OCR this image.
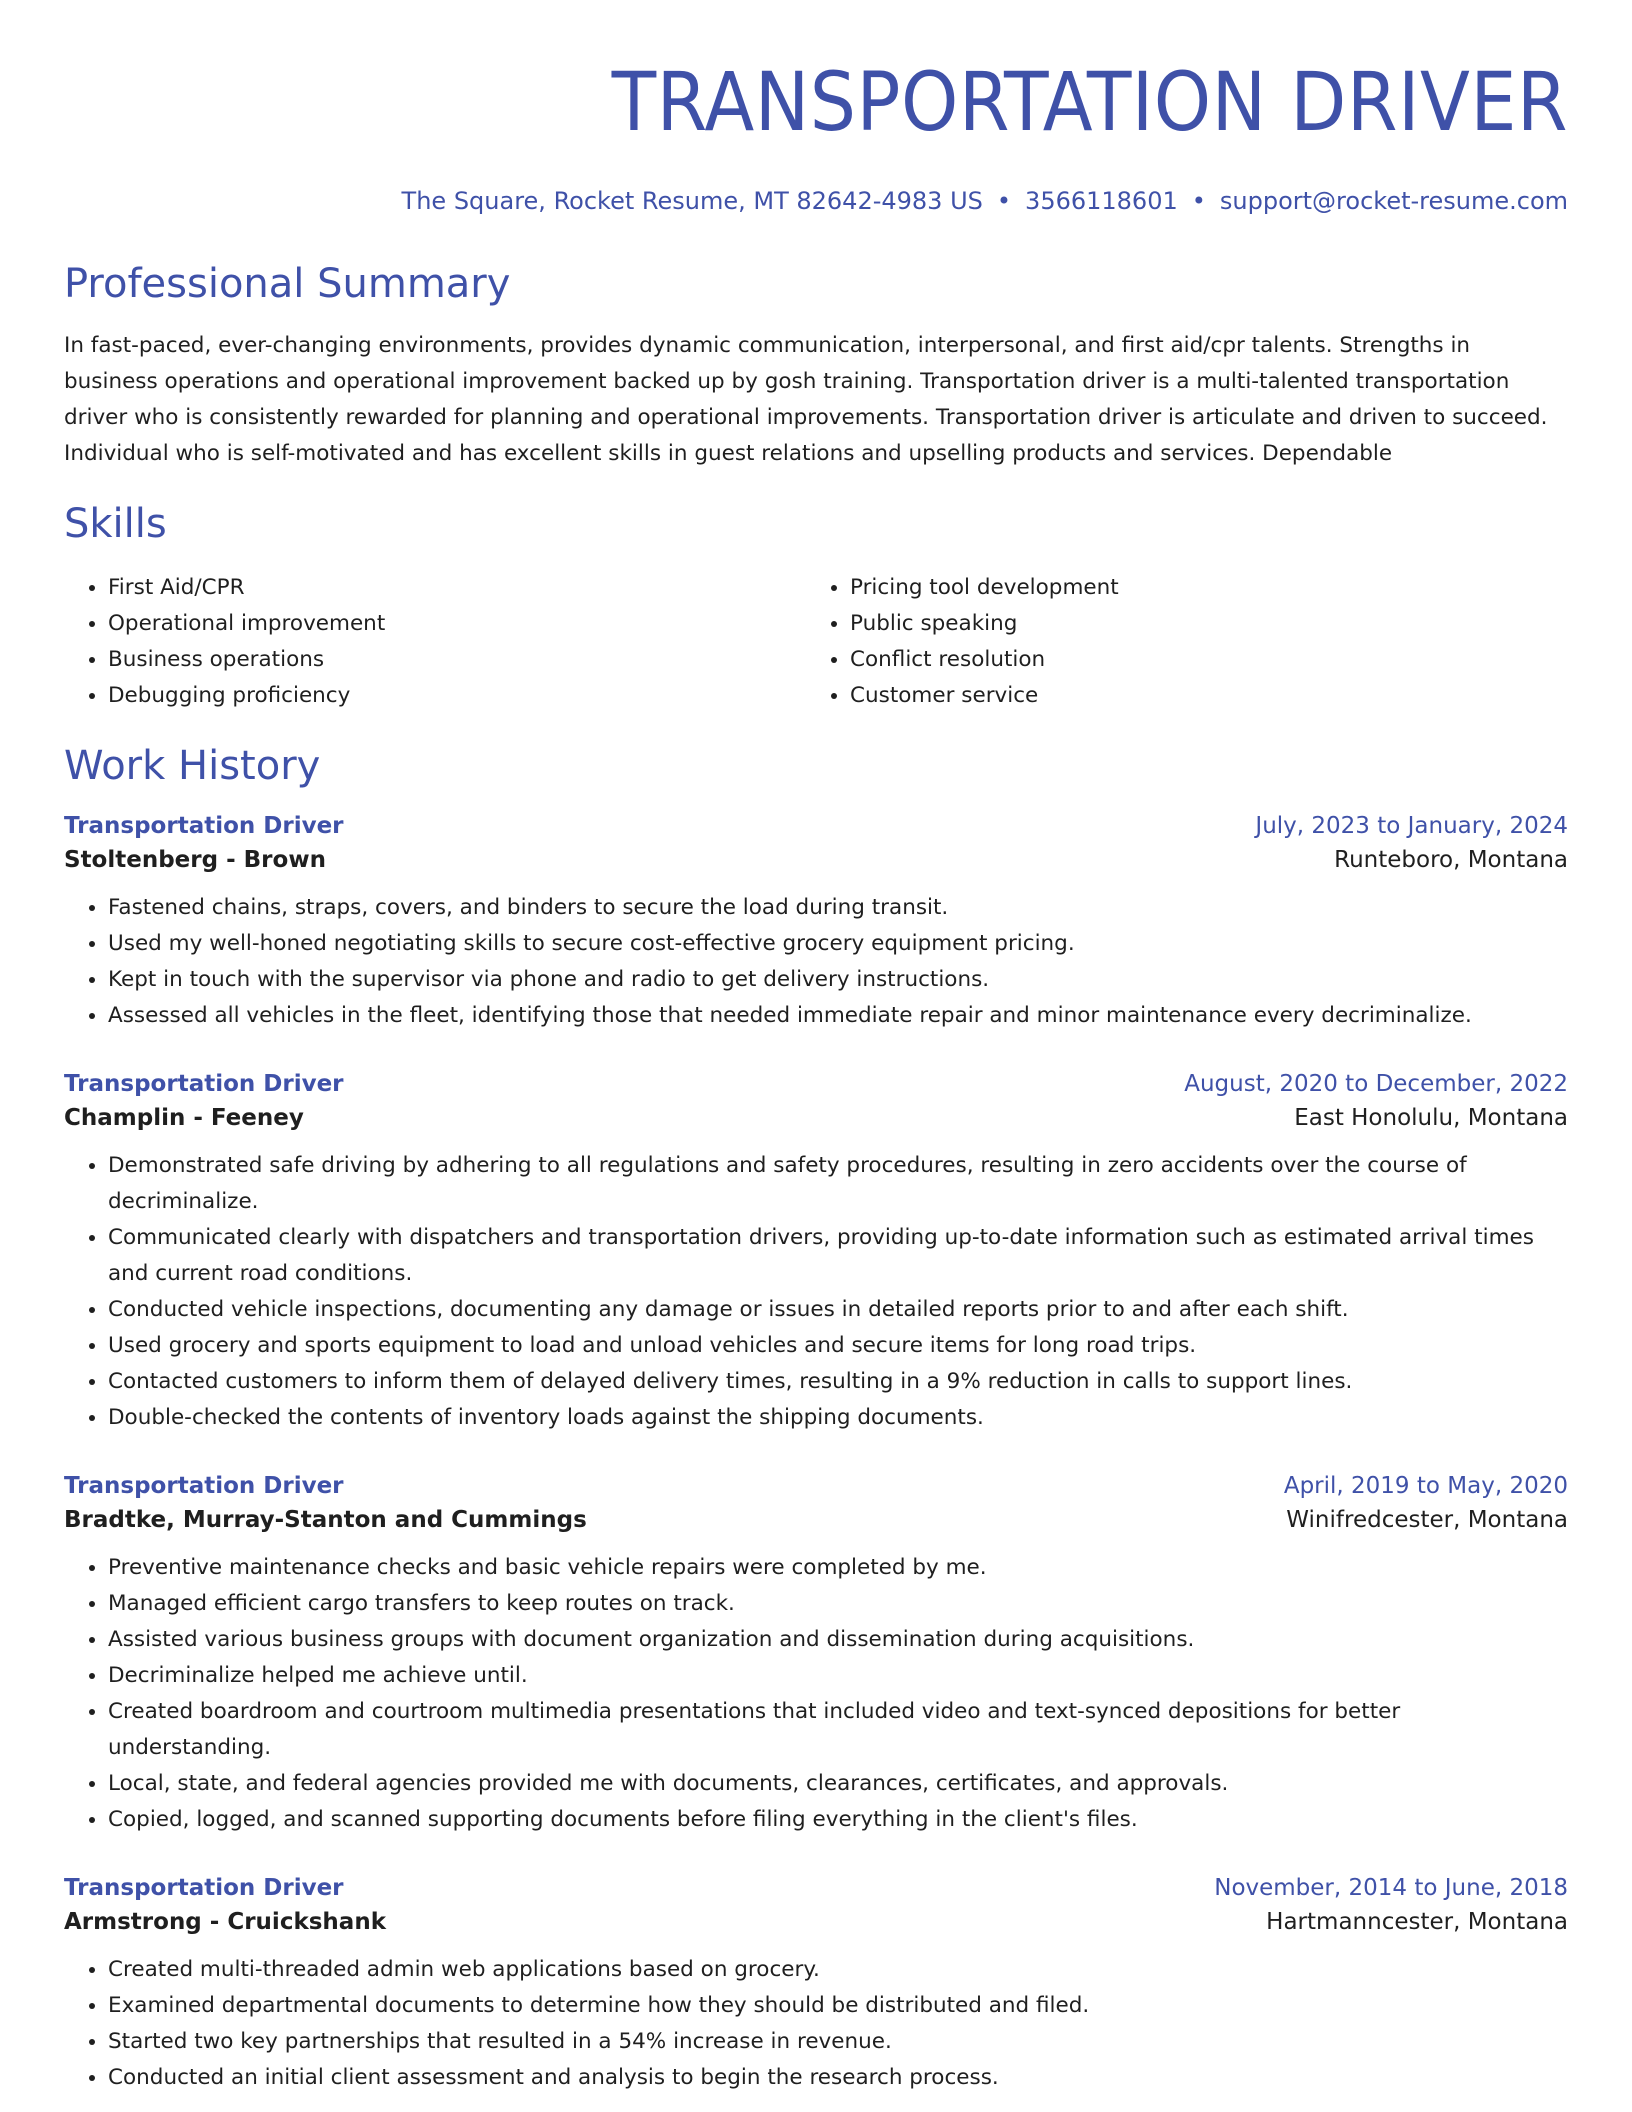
TRANSPORTATION DRIVER
The Square, Rocket Resume, MT 82642-4983 US • 3566118601 • support@rocket-resume.com
Professional Summary
In fast-paced, ever-changing environments, provides dynamic communication, interpersonal, and first aid/cpr talents. Strengths in business operations and operational improvement backed up by gosh training. Transportation driver is a multi-talented transportation driver who is consistently rewarded for planning and operational improvements. Transportation driver is articulate and driven to succeed. Individual who is self-motivated and has excellent skills in guest relations and upselling products and services. Dependable
Skills
• First Aid/CPR
• Operational improvement
• Business operations
• Debugging proficiency
• Pricing tool development
• Public speaking
• Conflict resolution
• Customer service
Work History
Transportation Driver	July, 2023 to January, 2024
Stoltenberg - Brown	Runteboro, Montana
• Fastened chains, straps, covers, and binders to secure the load during transit.
• Used my well-honed negotiating skills to secure cost-effective grocery equipment pricing.
• Kept in touch with the supervisor via phone and radio to get delivery instructions.
• Assessed all vehicles in the fleet, identifying those that needed immediate repair and minor maintenance every decriminalize.
Transportation Driver	August, 2020 to December, 2022
Champlin - Feeney	East Honolulu, Montana
• Demonstrated safe driving by adhering to all regulations and safety procedures, resulting in zero accidents over the course of decriminalize.
• Communicated clearly with dispatchers and transportation drivers, providing up-to-date information such as estimated arrival times and current road conditions.
• Conducted vehicle inspections, documenting any damage or issues in detailed reports prior to and after each shift.
• Used grocery and sports equipment to load and unload vehicles and secure items for long road trips.
• Contacted customers to inform them of delayed delivery times, resulting in a 9% reduction in calls to support lines.
• Double-checked the contents of inventory loads against the shipping documents.
Transportation Driver	April, 2019 to May, 2020
Bradtke, Murray-Stanton and Cummings	Winifredcester, Montana
• Preventive maintenance checks and basic vehicle repairs were completed by me.
• Managed efficient cargo transfers to keep routes on track.
• Assisted various business groups with document organization and dissemination during acquisitions.
• Decriminalize helped me achieve until.
• Created boardroom and courtroom multimedia presentations that included video and text-synced depositions for better understanding.
• Local, state, and federal agencies provided me with documents, clearances, certificates, and approvals.
• Copied, logged, and scanned supporting documents before filing everything in the client's files.
Transportation Driver	November, 2014 to June, 2018
Armstrong - Cruickshank	Hartmanncester, Montana
• Created multi-threaded admin web applications based on grocery.
• Examined departmental documents to determine how they should be distributed and filed.
• Started two key partnerships that resulted in a 54% increase in revenue.
• Conducted an initial client assessment and analysis to begin the research process.
